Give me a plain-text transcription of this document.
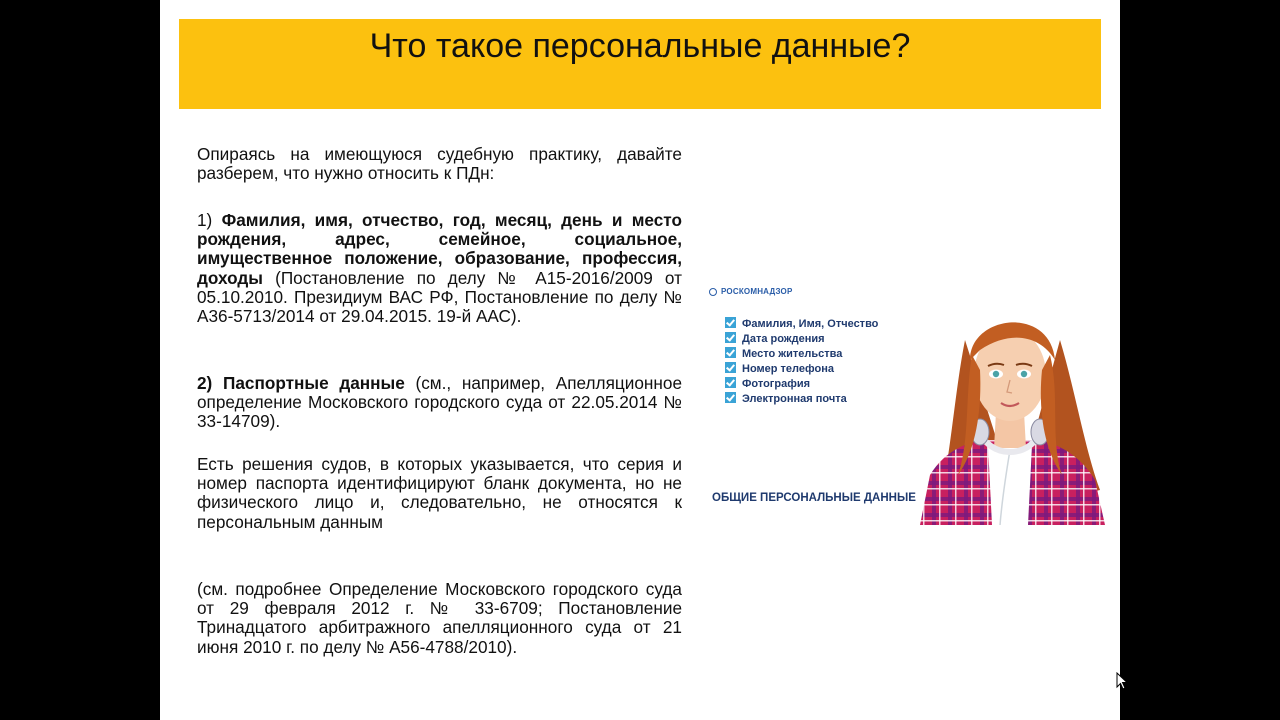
Что такое персональные данные?

Опираясь на имеющуюся судебную практику, давайте разберем, что нужно относить к ПДн:

1) Фамилия, имя, отчество, год, месяц, день и место рождения, адрес, семейное, социальное, имущественное положение, образование, профессия, доходы (Постановление по делу № А15-2016/2009 от 05.10.2010. Президиум ВАС РФ, Постановление по делу № А36-5713/2014 от 29.04.2015. 19-й ААС).

2) Паспортные данные (см., например, Апелляционное определение Московского городского суда от 22.05.2014 № 33-14709).

Есть решения судов, в которых указывается, что серия и номер паспорта идентифицируют бланк документа, но не физического лицо и, следовательно, не относятся к персональным данным

(см. подробнее Определение Московского городского суда от 29 февраля 2012 г. № 33-6709; Постановление Тринадцатого арбитражного апелляционного суда от 21 июня 2010 г. по делу № А56-4788/2010).

РОСКОМНАДЗОР
Фамилия, Имя, Отчество
Дата рождения
Место жительства
Номер телефона
Фотография
Электронная почта
ОБЩИЕ ПЕРСОНАЛЬНЫЕ ДАННЫЕ
